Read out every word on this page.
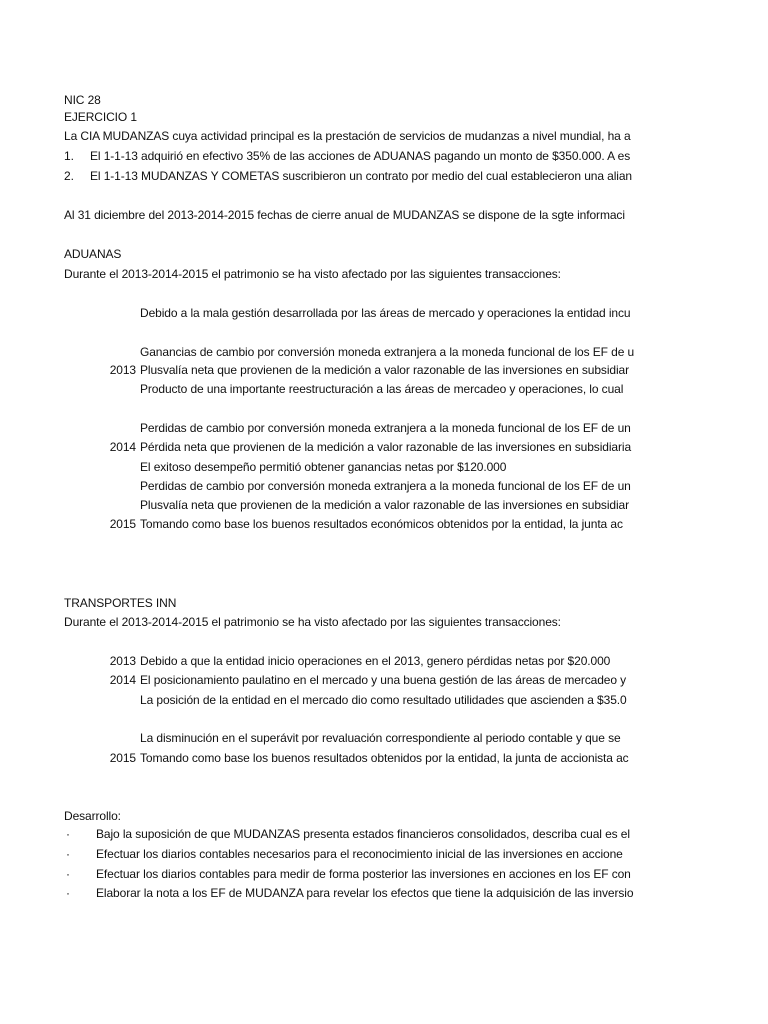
NIC 28
EJERCICIO 1
La CIA MUDANZAS cuya actividad principal es la prestación de servicios de mudanzas a nivel mundial, ha a
1. El 1-1-13 adquirió en efectivo 35% de las acciones de ADUANAS pagando un monto de $350.000. A es
2. El 1-1-13 MUDANZAS Y COMETAS suscribieron un contrato por medio del cual establecieron una alian
Al 31 diciembre del 2013-2014-2015 fechas de cierre anual de MUDANZAS se dispone de la sgte informaci
ADUANAS
Durante el 2013-2014-2015 el patrimonio se ha visto afectado por las siguientes transacciones:
Debido a la mala gestión desarrollada por las áreas de mercado y operaciones la entidad incu
Ganancias de cambio por conversión moneda extranjera a la moneda funcional de los EF de u
2013 Plusvalía neta que provienen de la medición a valor razonable de las inversiones en subsidiar
Producto de una importante reestructuración a las áreas de mercadeo y operaciones, lo cual
Perdidas de cambio por conversión moneda extranjera a la moneda funcional de los EF de un
2014 Pérdida neta que provienen de la medición a valor razonable de las inversiones en subsidiaria
El exitoso desempeño permitió obtener ganancias netas por $120.000
Perdidas de cambio por conversión moneda extranjera a la moneda funcional de los EF de un
Plusvalía neta que provienen de la medición a valor razonable de las inversiones en subsidiar
2015 Tomando como base los buenos resultados económicos obtenidos por la entidad, la junta ac
TRANSPORTES INN
Durante el 2013-2014-2015 el patrimonio se ha visto afectado por las siguientes transacciones:
2013 Debido a que la entidad inicio operaciones en el 2013, genero pérdidas netas por $20.000
2014 El posicionamiento paulatino en el mercado y una buena gestión de las áreas de mercadeo y
La posición de la entidad en el mercado dio como resultado utilidades que ascienden a $35.0
La disminución en el superávit por revaluación correspondiente al periodo contable y que se
2015 Tomando como base los buenos resultados obtenidos por la entidad, la junta de accionista ac
Desarrollo:
· Bajo la suposición de que MUDANZAS presenta estados financieros consolidados, describa cual es el
· Efectuar los diarios contables necesarios para el reconocimiento inicial de las inversiones en accione
· Efectuar los diarios contables para medir de forma posterior las inversiones en acciones en los EF con
· Elaborar la nota a los EF de MUDANZA para revelar los efectos que tiene la adquisición de las inversio
